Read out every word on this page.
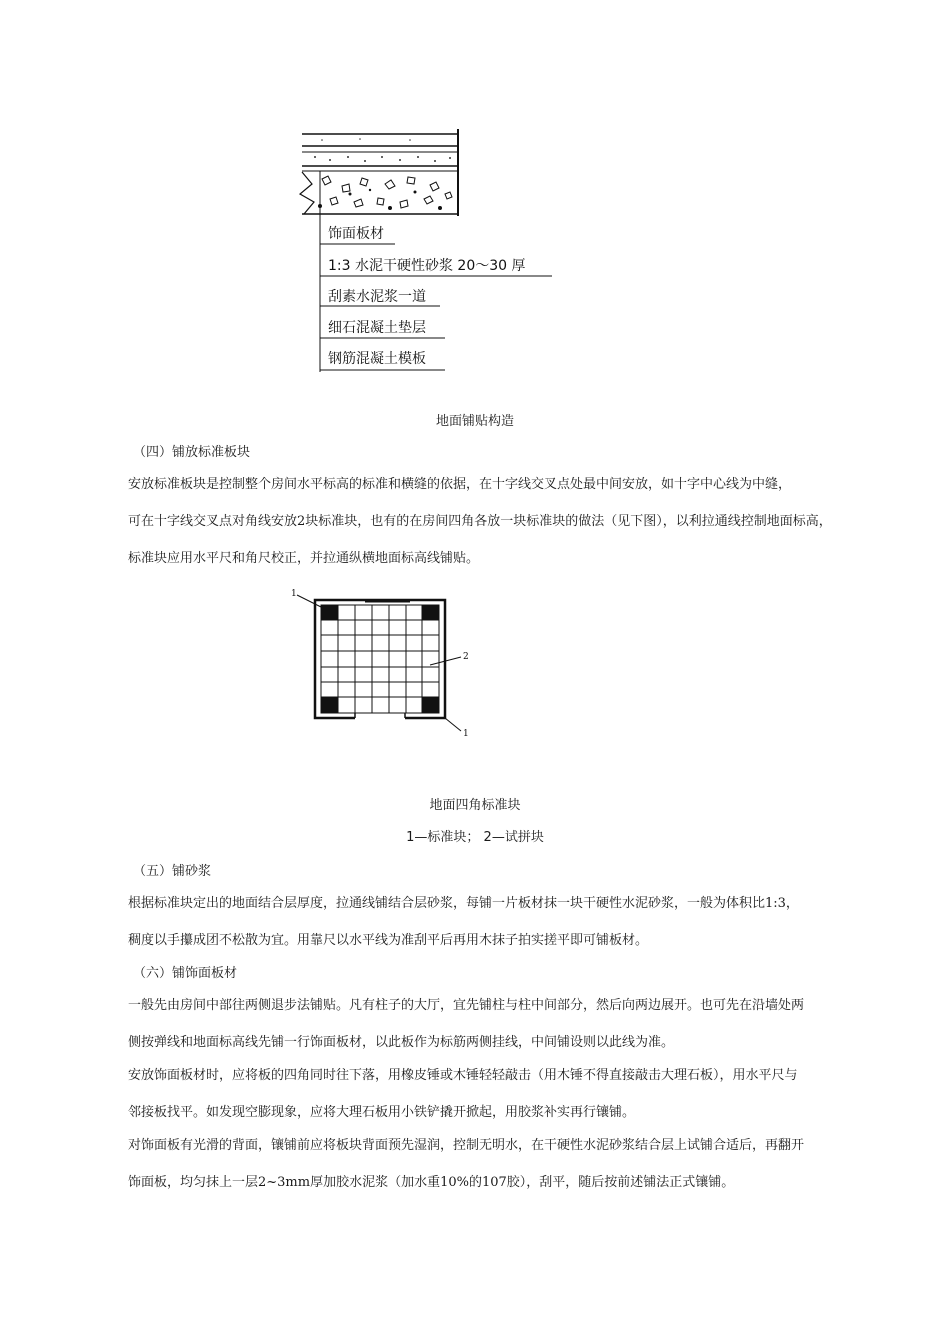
饰面板材
1:3 水泥干硬性砂浆 20～30 厚
刮素水泥浆一道
细石混凝土垫层
钢筋混凝土模板
地面铺贴构造
（四）铺放标准板块
安放标准板块是控制整个房间水平标高的标准和横缝的依据，在十字线交叉点处最中间安放，如十字中心线为中缝，
可在十字线交叉点对角线安放2块标准块，也有的在房间四角各放一块标准块的做法（见下图），以利拉通线控制地面标高，
标准块应用水平尺和角尺校正，并拉通纵横地面标高线铺贴。
1
2
1
地面四角标准块
1—标准块； 2—试拼块
（五）铺砂浆
根据标准块定出的地面结合层厚度，拉通线铺结合层砂浆，每铺一片板材抹一块干硬性水泥砂浆，一般为体积比1:3，
稠度以手攥成团不松散为宜。用靠尺以水平线为准刮平后再用木抹子拍实搓平即可铺板材。
（六）铺饰面板材
一般先由房间中部往两侧退步法铺贴。凡有柱子的大厅，宜先铺柱与柱中间部分，然后向两边展开。也可先在沿墙处两
侧按弹线和地面标高线先铺一行饰面板材，以此板作为标筋两侧挂线，中间铺设则以此线为准。
安放饰面板材时，应将板的四角同时往下落，用橡皮锤或木锤轻轻敲击（用木锤不得直接敲击大理石板），用水平尺与
邻接板找平。如发现空膨现象，应将大理石板用小铁铲撬开掀起，用胶浆补实再行镶铺。
对饰面板有光滑的背面，镶铺前应将板块背面预先湿润，控制无明水，在干硬性水泥砂浆结合层上试铺合适后，再翻开
饰面板，均匀抹上一层2~3mm厚加胶水泥浆（加水重10%的107胶），刮平，随后按前述铺法正式镶铺。
